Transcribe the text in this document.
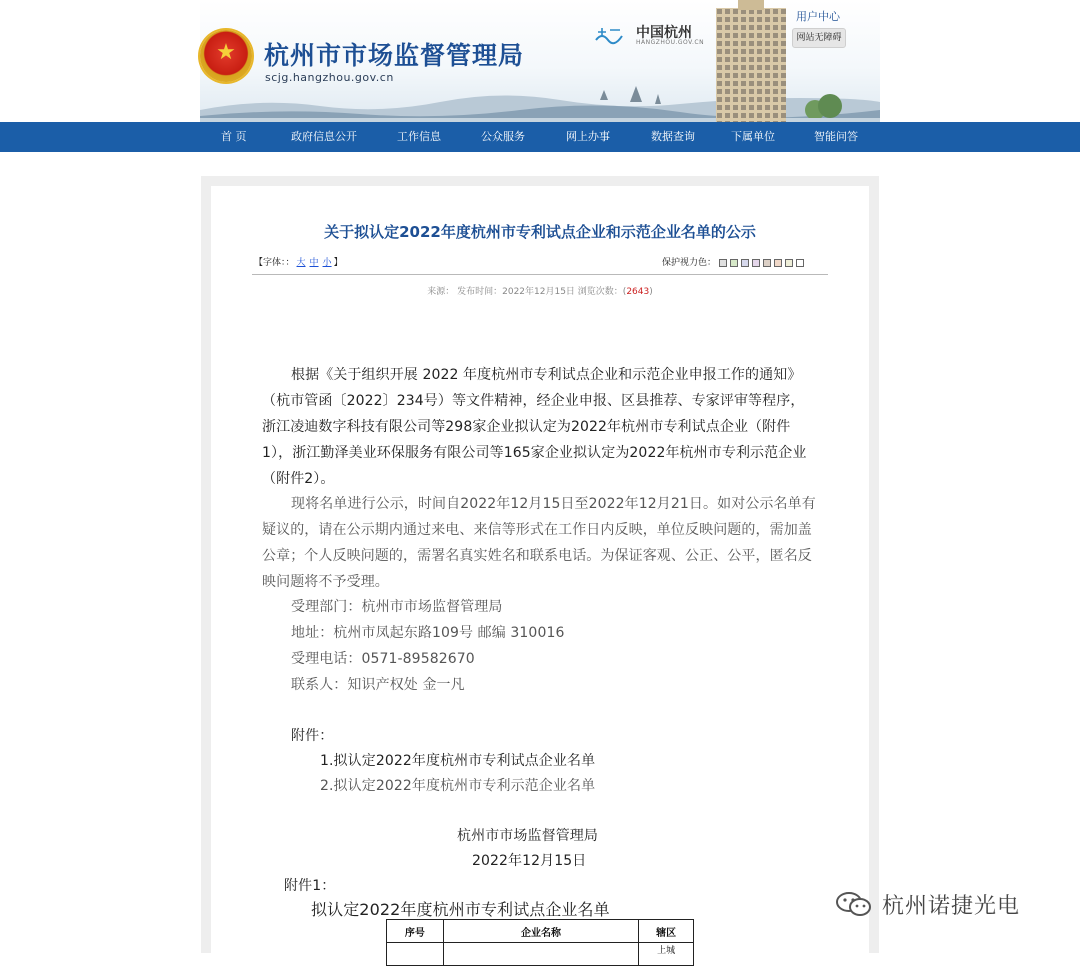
★
杭州市市场监督管理局
scjg.hangzhou.gov.cn
中国杭州
HANGZHOU.GOV.CN
用户中心
网站无障碍
首 页	政府信息公开	工作信息	公众服务	网上办事	数据查询	下属单位	智能问答
关于拟认定2022年度杭州市专利试点企业和示范企业名单的公示
【字体：： 大 中 小 】	保护视力色：
来源： 发布时间：2022年12月15日 浏览次数：(2643)
根据《关于组织开展 2022 年度杭州市专利试点企业和示范企业申报工作的通知》
（杭市管函〔2022〕234号）等文件精神，经企业申报、区县推荐、专家评审等程序，
浙江凌迪数字科技有限公司等298家企业拟认定为2022年杭州市专利试点企业（附件
1），浙江勤泽美业环保服务有限公司等165家企业拟认定为2022年杭州市专利示范企业
（附件2）。
现将名单进行公示，时间自2022年12月15日至2022年12月21日。如对公示名单有
疑议的，请在公示期内通过来电、来信等形式在工作日内反映，单位反映问题的，需加盖
公章；个人反映问题的，需署名真实姓名和联系电话。为保证客观、公正、公平，匿名反
映问题将不予受理。
受理部门：杭州市市场监督管理局
地址：杭州市凤起东路109号 邮编 310016
受理电话：0571-89582670
联系人：知识产权处 金一凡
附件：
1.拟认定2022年度杭州市专利试点企业名单
2.拟认定2022年度杭州市专利示范企业名单
杭州市市场监督管理局
2022年12月15日
附件1：
拟认定2022年度杭州市专利试点企业名单
序号	企业名称	辖区
		上城
杭州诺捷光电
